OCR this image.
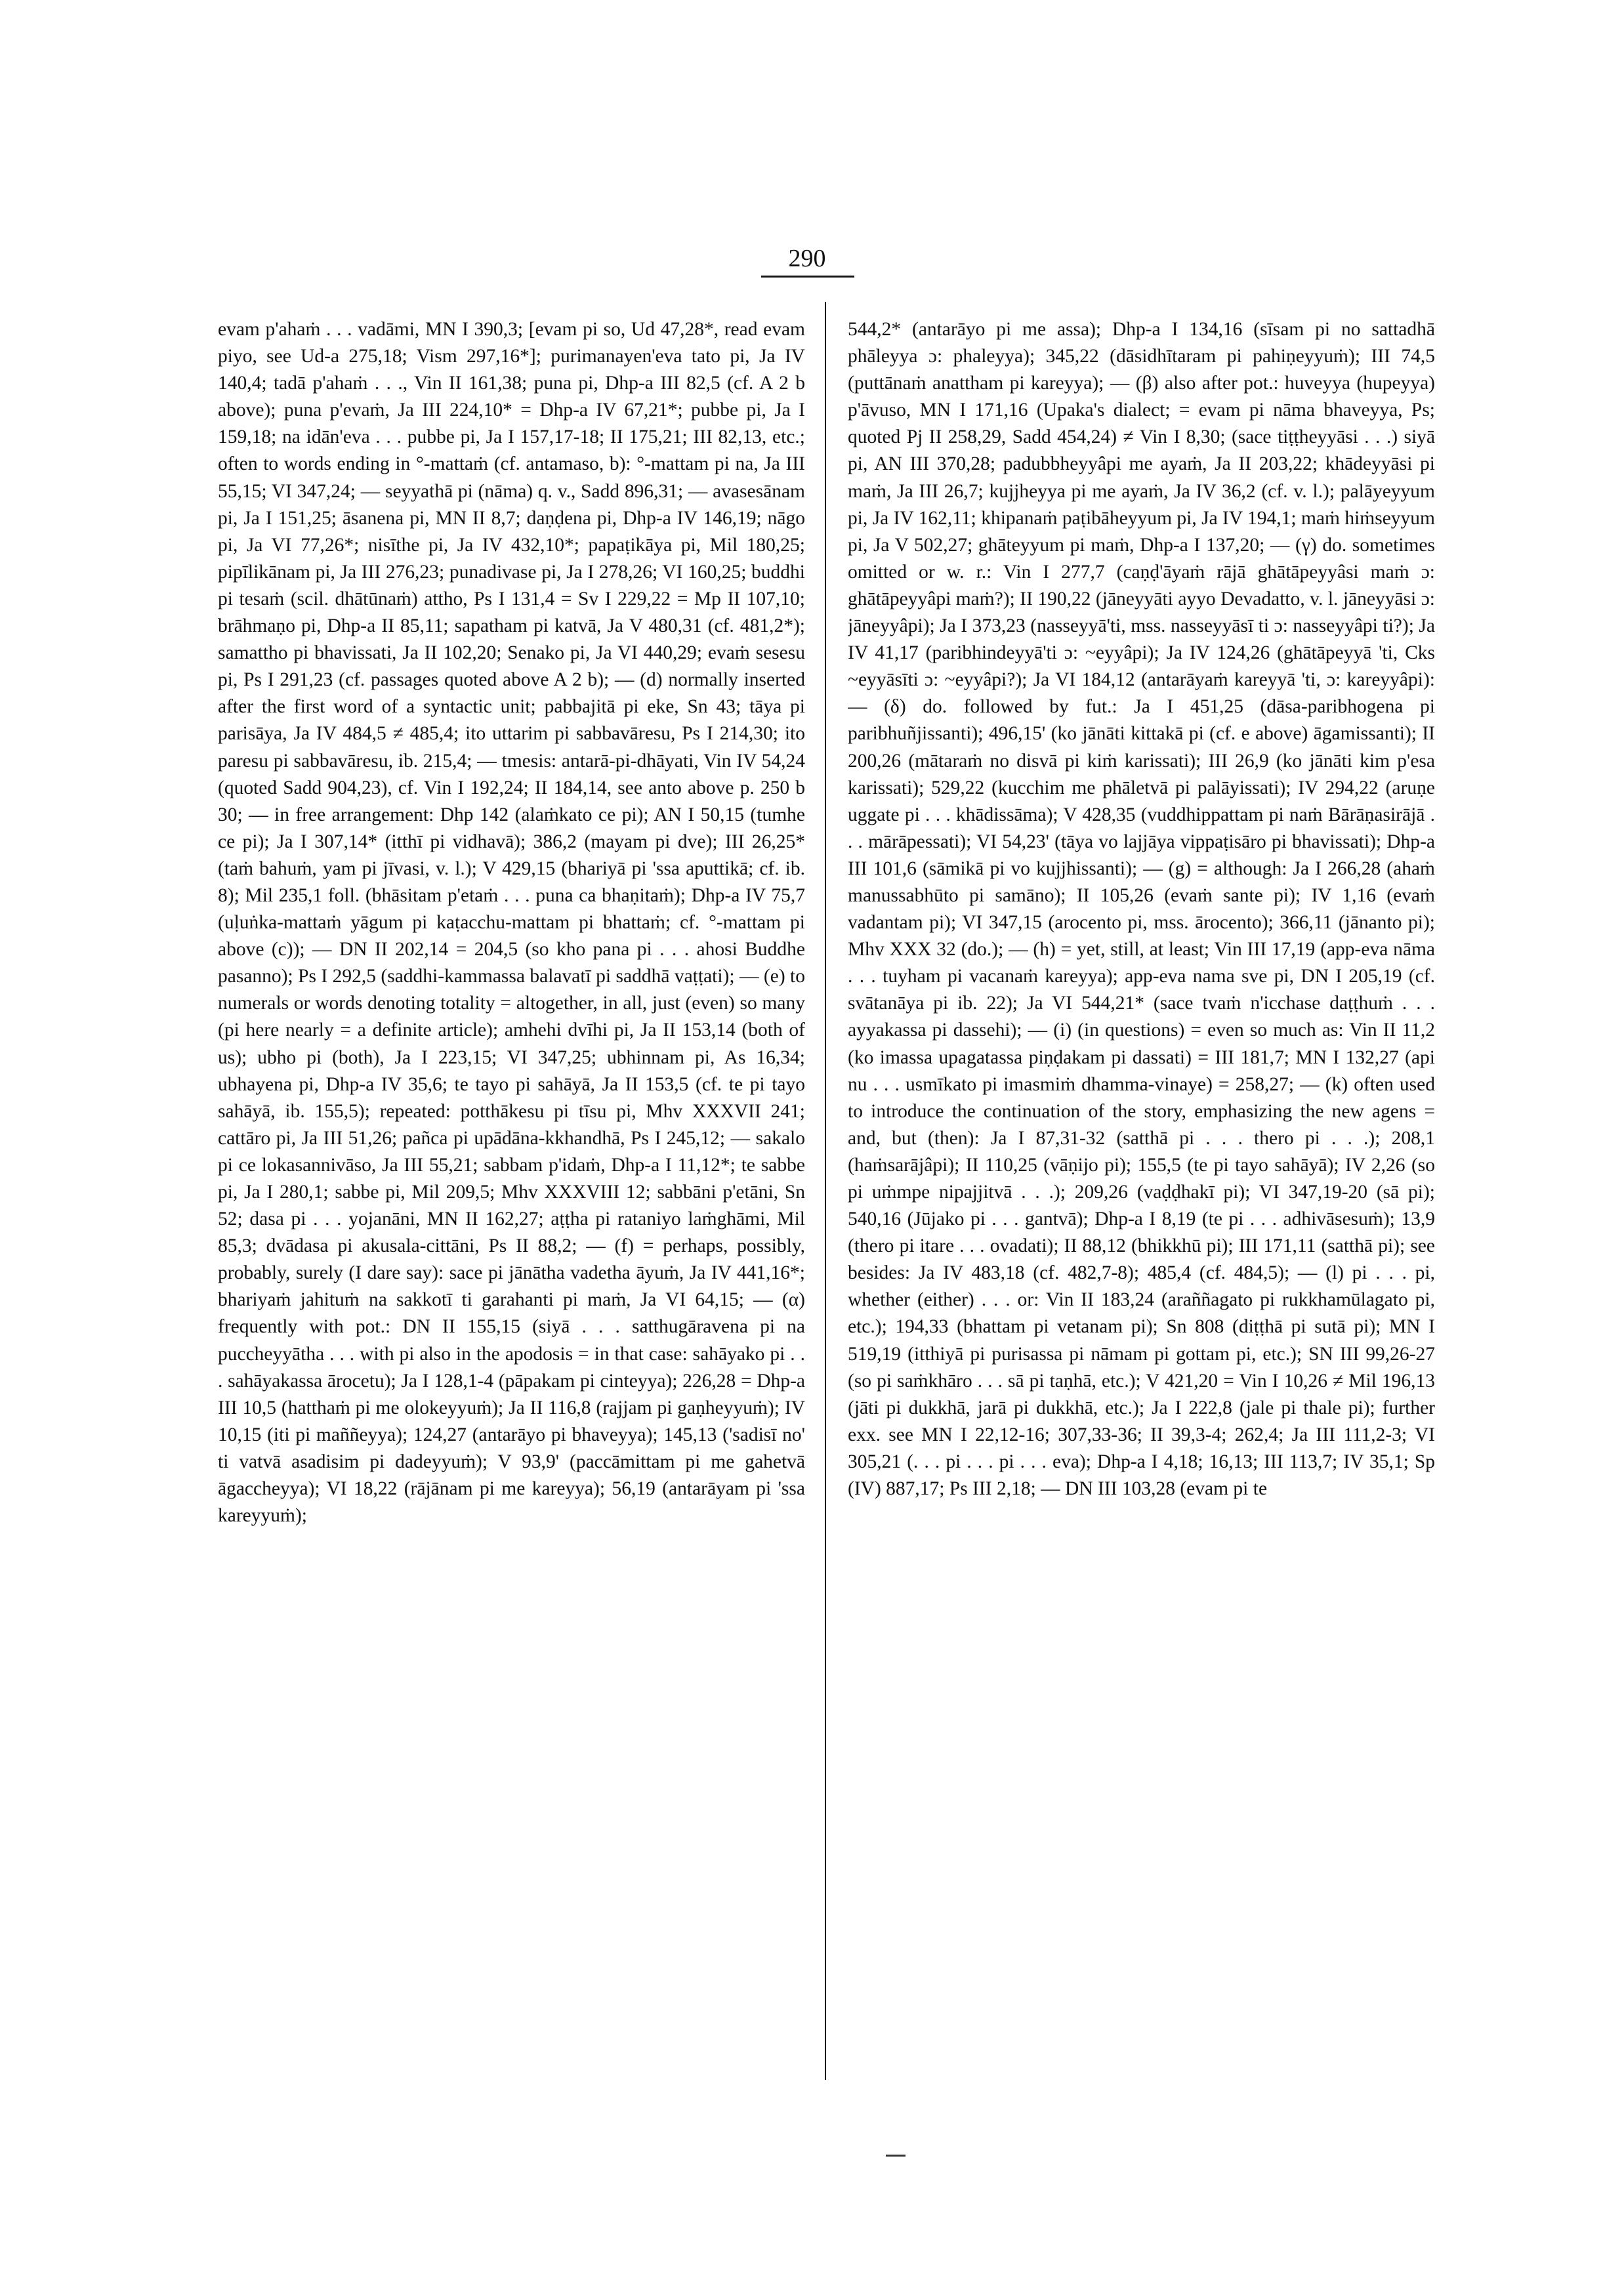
290

evam p'ahaṁ . . . vadāmi, MN I 390,3; [evam pi so, Ud 47,28*, read evam piyo, see Ud-a 275,18; Vism 297,16*]; purimanayen'eva tato pi, Ja IV 140,4; tadā p'ahaṁ . . ., Vin II 161,38; puna pi, Dhp-a III 82,5 (cf. A 2 b above); puna p'evaṁ, Ja III 224,10* = Dhp-a IV 67,21*; pubbe pi, Ja I 159,18; na idān'eva . . . pubbe pi, Ja I 157,17-18; II 175,21; III 82,13, etc.; often to words ending in °-mattaṁ (cf. antamaso, b): °-mattam pi na, Ja III 55,15; VI 347,24; — seyyathā pi (nāma) q. v., Sadd 896,31; — avasesānam pi, Ja I 151,25; āsanena pi, MN II 8,7; daṇḍena pi, Dhp-a IV 146,19; nāgo pi, Ja VI 77,26*; nisīthe pi, Ja IV 432,10*; papaṭikāya pi, Mil 180,25; pipīlikānam pi, Ja III 276,23; punadivase pi, Ja I 278,26; VI 160,25; buddhi pi tesaṁ (scil. dhātūnaṁ) attho, Ps I 131,4 = Sv I 229,22 = Mp II 107,10; brāhmaṇo pi, Dhp-a II 85,11; sapatham pi katvā, Ja V 480,31 (cf. 481,2*); samattho pi bhavissati, Ja II 102,20; Senako pi, Ja VI 440,29; evaṁ sesesu pi, Ps I 291,23 (cf. passages quoted above A 2 b); — (d) normally inserted after the first word of a syntactic unit; pabbajitā pi eke, Sn 43; tāya pi parisāya, Ja IV 484,5 ≠ 485,4; ito uttarim pi sabbavāresu, Ps I 214,30; ito paresu pi sabbavāresu, ib. 215,4; — tmesis: antarā-pi-dhāyati, Vin IV 54,24 (quoted Sadd 904,23), cf. Vin I 192,24; II 184,14, see anto above p. 250 b 30; — in free arrangement: Dhp 142 (alaṁkato ce pi); AN I 50,15 (tumhe ce pi); Ja I 307,14* (itthī pi vidhavā); 386,2 (mayam pi dve); III 26,25* (taṁ bahuṁ, yam pi jīvasi, v. l.); V 429,15 (bhariyā pi 'ssa aputtikā; cf. ib. 8); Mil 235,1 foll. (bhāsitam p'etaṁ . . . puna ca bhaṇitaṁ); Dhp-a IV 75,7 (uḷuṅka-mattaṁ yāgum pi kaṭacchu-mattam pi bhattaṁ; cf. °-mattam pi above (c)); — DN II 202,14 = 204,5 (so kho pana pi . . . ahosi Buddhe pasanno); Ps I 292,5 (saddhi-kammassa balavatī pi saddhā vaṭṭati); — (e) to numerals or words denoting totality = altogether, in all, just (even) so many (pi here nearly = a definite article); amhehi dvīhi pi, Ja II 153,14 (both of us); ubho pi (both), Ja I 223,15; VI 347,25; ubhinnam pi, As 16,34; ubhayena pi, Dhp-a IV 35,6; te tayo pi sahāyā, Ja II 153,5 (cf. te pi tayo sahāyā, ib. 155,5); repeated: potthākesu pi tīsu pi, Mhv XXXVII 241; cattāro pi, Ja III 51,26; pañca pi upādāna-kkhandhā, Ps I 245,12; — sakalo pi ce lokasannivāso, Ja III 55,21; sabbam p'idaṁ, Dhp-a I 11,12*; te sabbe pi, Ja I 280,1; sabbe pi, Mil 209,5; Mhv XXXVIII 12; sabbāni p'etāni, Sn 52; dasa pi . . . yojanāni, MN II 162,27; aṭṭha pi rataniyo laṁghāmi, Mil 85,3; dvādasa pi akusala-cittāni, Ps II 88,2; — (f) = perhaps, possibly, probably, surely (I dare say): sace pi jānātha vadetha āyuṁ, Ja IV 441,16*; bhariyaṁ jahituṁ na sakkotī ti garahanti pi maṁ, Ja VI 64,15; — (α) frequently with pot.: DN II 155,15 (siyā . . . satthugāravena pi na puccheyyātha . . . with pi also in the apodosis = in that case: sahāyako pi . . . sahāyakassa ārocetu); Ja I 128,1-4 (pāpakam pi cinteyya); 226,28 = Dhp-a III 10,5 (hatthaṁ pi me olokeyyuṁ); Ja II 116,8 (rajjam pi gaṇheyyuṁ); IV 10,15 (iti pi maññeyya); 124,27 (antarāyo pi bhaveyya); 145,13 ('sadisī no' ti vatvā asadisim pi dadeyyuṁ); V 93,9' (paccāmittam pi me gahetvā āgaccheyya); VI 18,22 (rājānam pi me kareyya); 56,19 (antarāyam pi 'ssa kareyyuṁ);

544,2* (antarāyo pi me assa); Dhp-a I 134,16 (sīsam pi no sattadhā phāleyya ɔ: phaleyya); 345,22 (dāsidhītaram pi pahiṇeyyuṁ); III 74,5 (puttānaṁ anattham pi kareyya); — (β) also after pot.: huveyya (hupeyya) p'āvuso, MN I 171,16 (Upaka's dialect; = evam pi nāma bhaveyya, Ps; quoted Pj II 258,29, Sadd 454,24) ≠ Vin I 8,30; (sace tiṭṭheyyāsi . . .) siyā pi, AN III 370,28; padubbheyyâpi me ayaṁ, Ja II 203,22; khādeyyāsi pi maṁ, Ja III 26,7; kujjheyya pi me ayaṁ, Ja IV 36,2 (cf. v. l.); palāyeyyum pi, Ja IV 162,11; khipanaṁ paṭibāheyyum pi, Ja IV 194,1; maṁ hiṁseyyum pi, Ja V 502,27; ghāteyyum pi maṁ, Dhp-a I 137,20; — (γ) do. sometimes omitted or w. r.: Vin I 277,7 (caṇḍ'āyaṁ rājā ghātāpeyyâsi maṁ ɔ: ghātāpeyyâpi maṁ?); II 190,22 (jāneyyāti ayyo Devadatto, v. l. jāneyyāsi ɔ: jāneyyâpi); Ja I 373,23 (nasseyyā'ti, mss. nasseyyāsī ti ɔ: nasseyyâpi ti?); Ja IV 41,17 (paribhindeyyā'ti ɔ: ~eyyâpi); Ja IV 124,26 (ghātāpeyyā 'ti, Cks ~eyyāsīti ɔ: ~eyyâpi?); Ja VI 184,12 (antarāyaṁ kareyyā 'ti, ɔ: kareyyâpi): — (δ) do. followed by fut.: Ja I 451,25 (dāsa-paribhogena pi paribhuñjissanti); 496,15' (ko jānāti kittakā pi (cf. e above) āgamissanti); II 200,26 (mātaraṁ no disvā pi kiṁ karissati); III 26,9 (ko jānāti kim p'esa karissati); 529,22 (kucchim me phāletvā pi palāyissati); IV 294,22 (aruṇe uggate pi . . . khādissāma); V 428,35 (vuddhippattam pi naṁ Bārāṇasirājā . . . mārāpessati); VI 54,23' (tāya vo lajjāya vippaṭisāro pi bhavissati); Dhp-a III 101,6 (sāmikā pi vo kujjhissanti); — (g) = although: Ja I 266,28 (ahaṁ manussabhūto pi samāno); II 105,26 (evaṁ sante pi); IV 1,16 (evaṁ vadantam pi); VI 347,15 (arocento pi, mss. ārocento); 366,11 (jānanto pi); Mhv XXX 32 (do.); — (h) = yet, still, at least; Vin III 17,19 (app-eva nāma . . . tuyham pi vacanaṁ kareyya); app-eva nama sve pi, DN I 205,19 (cf. svātanāya pi ib. 22); Ja VI 544,21* (sace tvaṁ n'icchase daṭṭhuṁ . . . ayyakassa pi dassehi); — (i) (in questions) = even so much as: Vin II 11,2 (ko imassa upagatassa piṇḍakam pi dassati) = III 181,7; MN I 132,27 (api nu . . . usmīkato pi imasmiṁ dhamma-vinaye) = 258,27; — (k) often used to introduce the continuation of the story, emphasizing the new agens = and, but (then): Ja I 87,31-32 (satthā pi . . . thero pi . . .); 208,1 (haṁsarājâpi); II 110,25 (vāṇijo pi); 155,5 (te pi tayo sahāyā); IV 2,26 (so pi uṁmpe nipajjitvā . . .); 209,26 (vaḍḍhakī pi); VI 347,19-20 (sā pi); 540,16 (Jūjako pi . . . gantvā); Dhp-a I 8,19 (te pi . . . adhivāsesuṁ); 13,9 (thero pi itare . . . ovadati); II 88,12 (bhikkhū pi); III 171,11 (satthā pi); see besides: Ja IV 483,18 (cf. 482,7-8); 485,4 (cf. 484,5); — (l) pi . . . pi, whether (either) . . . or: Vin II 183,24 (araññagato pi rukkhamūlagato pi, etc.); 194,33 (bhattam pi vetanam pi); Sn 808 (diṭṭhā pi sutā pi); MN I 519,19 (itthiyā pi purisassa pi nāmam pi gottam pi, etc.); SN III 99,26-27 (so pi saṁkhāro . . . sā pi taṇhā, etc.); V 421,20 = Vin I 10,26 ≠ Mil 196,13 (jāti pi dukkhā, jarā pi dukkhā, etc.); Ja I 222,8 (jale pi thale pi); further exx. see MN I 22,12-16; 307,33-36; II 39,3-4; 262,4; Ja III 111,2-3; VI 305,21 (. . . pi . . . pi . . . eva); Dhp-a I 4,18; 16,13; III 113,7; IV 35,1; Sp (IV) 887,17; Ps III 2,18; — DN III 103,28 (evam pi te
